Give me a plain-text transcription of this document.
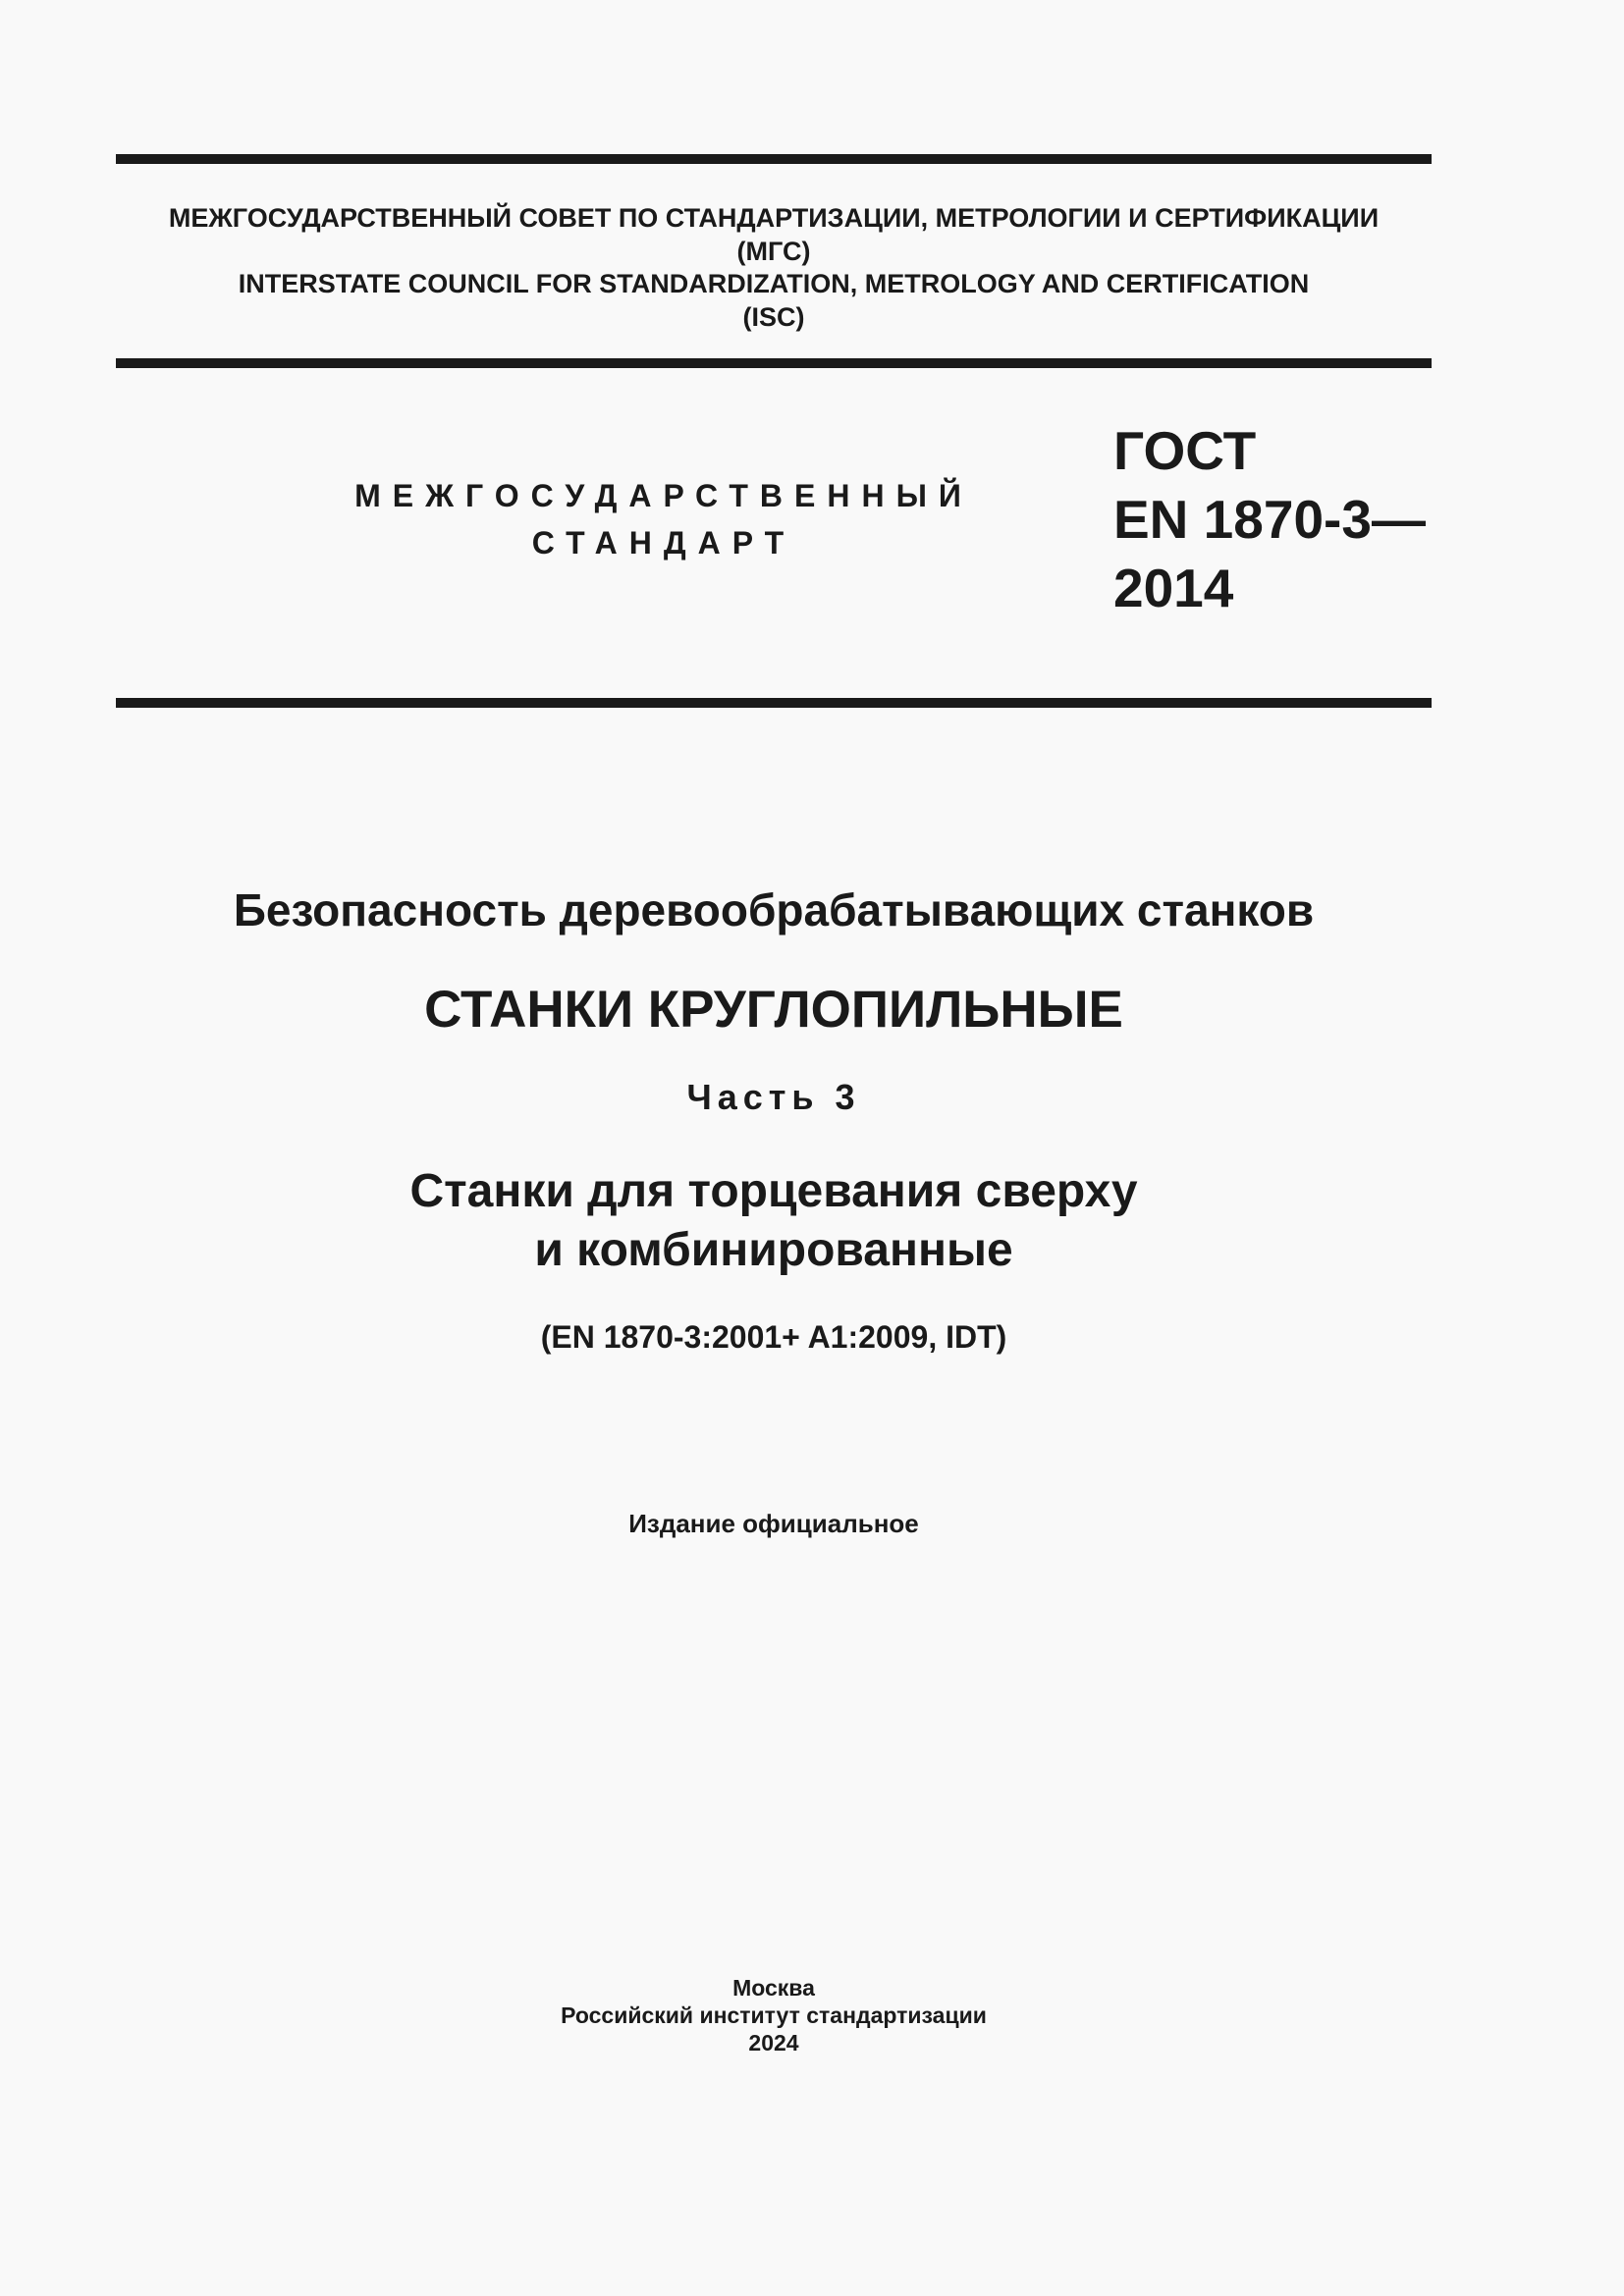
МЕЖГОСУДАРСТВЕННЫЙ СОВЕТ ПО СТАНДАРТИЗАЦИИ, МЕТРОЛОГИИ И СЕРТИФИКАЦИИ
(МГС)
INTERSTATE COUNCIL FOR STANDARDIZATION, METROLOGY AND CERTIFICATION
(ISC)
МЕЖГОСУДАРСТВЕННЫЙ
СТАНДАРТ
ГОСТ
EN 1870-3—
2014
Безопасность деревообрабатывающих станков
СТАНКИ КРУГЛОПИЛЬНЫЕ
Часть 3
Станки для торцевания сверху
и комбинированные
(EN 1870-3:2001+ A1:2009, IDT)
Издание официальное
Москва
Российский институт стандартизации
2024
